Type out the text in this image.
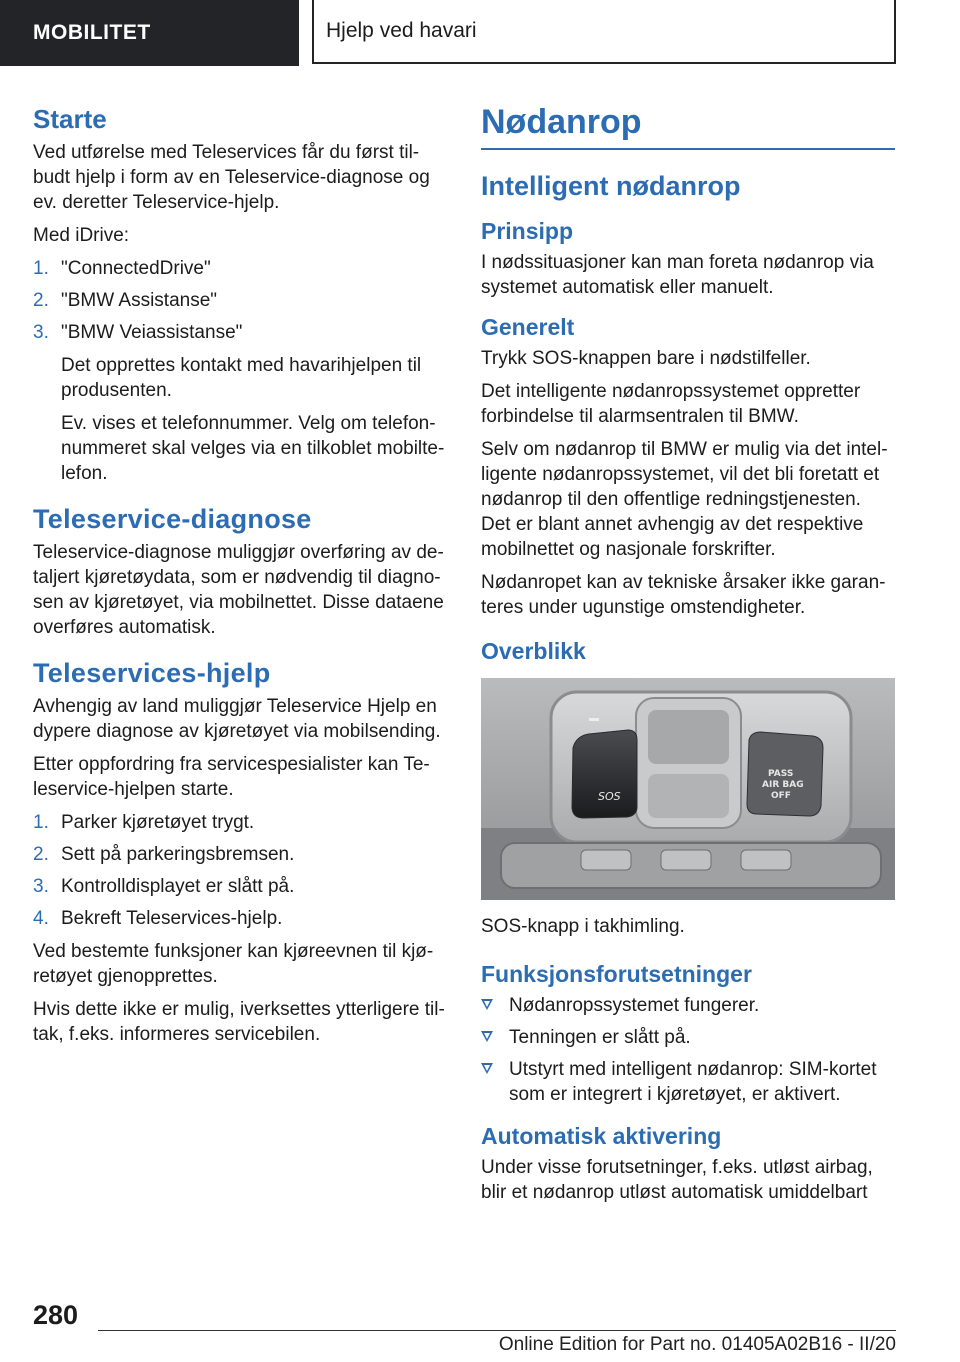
MOBILITET	Hjelp ved havari
Starte

Ved utførelse med Teleservices får du først til-budt hjelp i form av en Teleservice-diagnose og ev. deretter Teleservice-hjelp.

Med iDrive:

1. "ConnectedDrive"
2. "BMW Assistanse"
3. "BMW Veiassistanse"

Det opprettes kontakt med havarihjelpen til produsenten.

Ev. vises et telefonnummer. Velg om telefon-nummeret skal velges via en tilkoblet mobilte-lefon.

Teleservice-diagnose

Teleservice-diagnose muliggjør overføring av de-taljert kjøretøydata, som er nødvendig til diagno-sen av kjøretøyet, via mobilnettet. Disse dataene overføres automatisk.

Teleservices-hjelp

Avhengig av land muliggjør Teleservice Hjelp en dypere diagnose av kjøretøyet via mobilsending.

Etter oppfordring fra servicespesialister kan Te-leservice-hjelpen starte.

1. Parker kjøretøyet trygt.
2. Sett på parkeringsbremsen.
3. Kontrolldisplayet er slått på.
4. Bekreft Teleservices-hjelp.

Ved bestemte funksjoner kan kjøreevnen til kjø-retøyet gjenopprettes.

Hvis dette ikke er mulig, iverksettes ytterligere til-tak, f.eks. informeres servicebilen.

Nødanrop
Intelligent nødanrop
Prinsipp

I nødssituasjoner kan man foreta nødanrop via systemet automatisk eller manuelt.

Generelt

Trykk SOS-knappen bare i nødstilfeller.

Det intelligente nødanropssystemet oppretter forbindelse til alarmsentralen til BMW.

Selv om nødanrop til BMW er mulig via det intel-ligente nødanropssystemet, vil det bli foretatt et nødanrop til den offentlige redningstjenesten. Det er blant annet avhengig av det respektive mobilnettet og nasjonale forskrifter.

Nødanropet kan av tekniske årsaker ikke garan-teres under ugunstige omstendigheter.

Overblikk
SOS
PASS
AIR BAG
OFF

SOS-knapp i takhimling.

Funksjonsforutsetninger
Nødanropssystemet fungerer.
Tenningen er slått på.
Utstyrt med intelligent nødanrop: SIM-kortet som er integrert i kjøretøyet, er aktivert.
Automatisk aktivering

Under visse forutsetninger, f.eks. utløst airbag, blir et nødanrop utløst automatisk umiddelbart

280
Online Edition for Part no. 01405A02B16 - II/20
